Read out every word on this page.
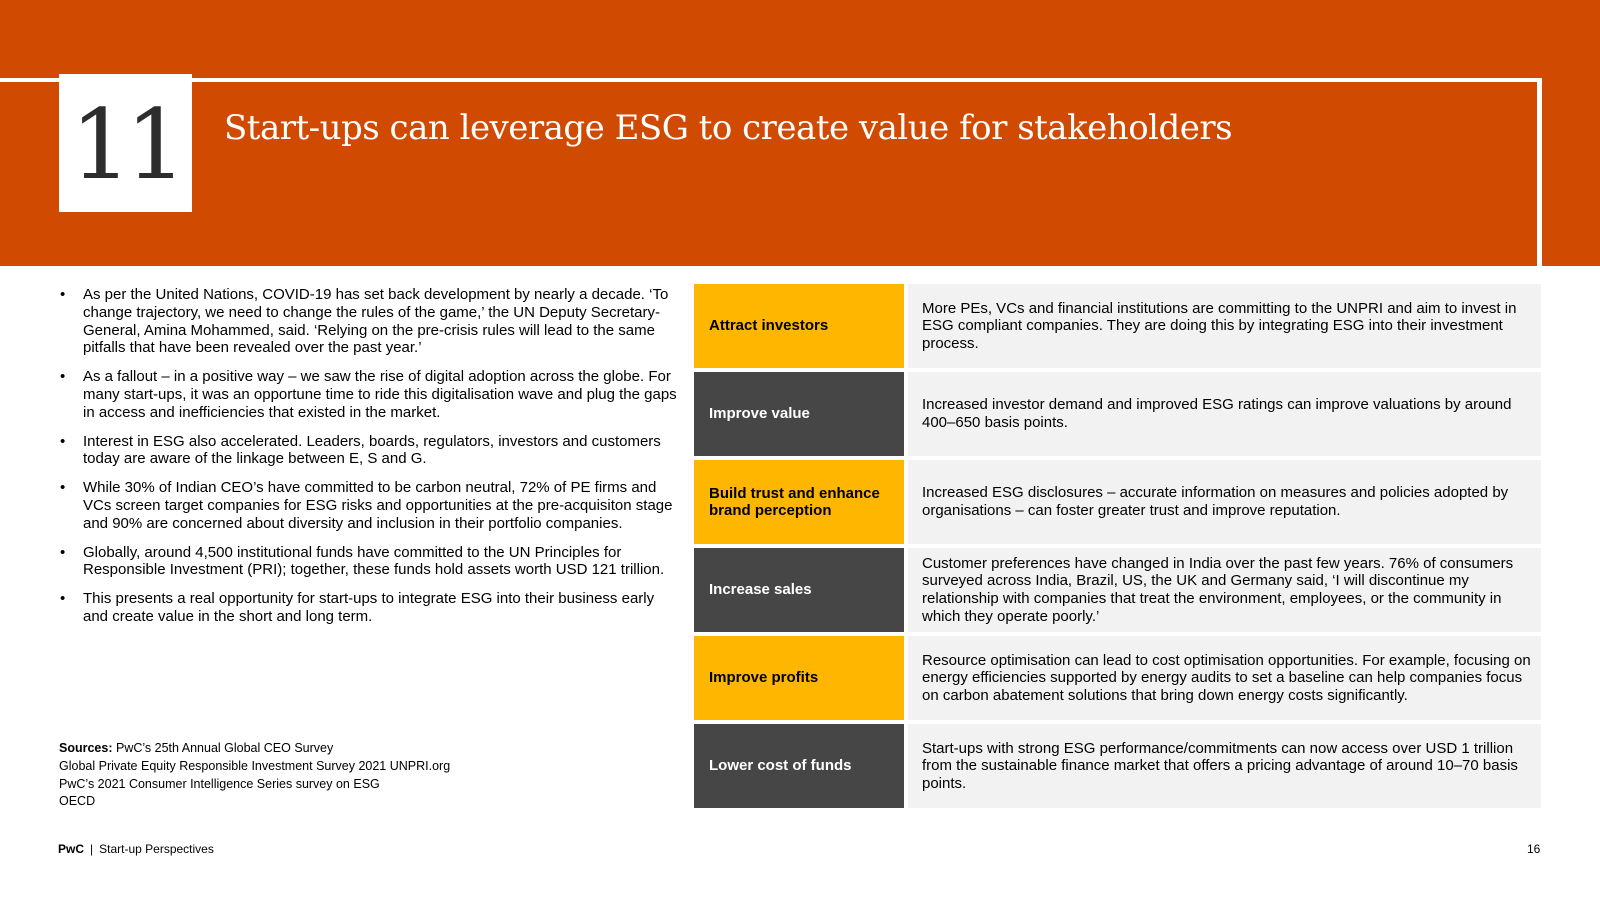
11 Start-ups can leverage ESG to create value for stakeholders
• As per the United Nations, COVID-19 has set back development by nearly a decade. ‘To change trajectory, we need to change the rules of the game,’ the UN Deputy Secretary-General, Amina Mohammed, said. ‘Relying on the pre-crisis rules will lead to the same pitfalls that have been revealed over the past year.’
• As a fallout – in a positive way – we saw the rise of digital adoption across the globe. For many start-ups, it was an opportune time to ride this digitalisation wave and plug the gaps in access and inefficiencies that existed in the market.
• Interest in ESG also accelerated. Leaders, boards, regulators, investors and customers today are aware of the linkage between E, S and G.
• While 30% of Indian CEO’s have committed to be carbon neutral, 72% of PE firms and VCs screen target companies for ESG risks and opportunities at the pre-acquisiton stage and 90% are concerned about diversity and inclusion in their portfolio companies.
• Globally, around 4,500 institutional funds have committed to the UN Principles for Responsible Investment (PRI); together, these funds hold assets worth USD 121 trillion.
• This presents a real opportunity for start-ups to integrate ESG into their business early and create value in the short and long term.
Sources: PwC’s 25th Annual Global CEO Survey
Global Private Equity Responsible Investment Survey 2021 UNPRI.org
PwC’s 2021 Consumer Intelligence Series survey on ESG
OECD
Attract investors
More PEs, VCs and financial institutions are committing to the UNPRI and aim to invest in ESG compliant companies. They are doing this by integrating ESG into their investment process.
Improve value
Increased investor demand and improved ESG ratings can improve valuations by around 400–650 basis points.
Build trust and enhance brand perception
Increased ESG disclosures – accurate information on measures and policies adopted by organisations – can foster greater trust and improve reputation.
Increase sales
Customer preferences have changed in India over the past few years. 76% of consumers surveyed across India, Brazil, US, the UK and Germany said, ‘I will discontinue my relationship with companies that treat the environment, employees, or the community in which they operate poorly.’
Improve profits
Resource optimisation can lead to cost optimisation opportunities. For example, focusing on energy efficiencies supported by energy audits to set a baseline can help companies focus on carbon abatement solutions that bring down energy costs significantly.
Lower cost of funds
Start-ups with strong ESG performance/commitments can now access over USD 1 trillion from the sustainable finance market that offers a pricing advantage of around 10–70 basis points.
PwC | Start-up Perspectives	16
